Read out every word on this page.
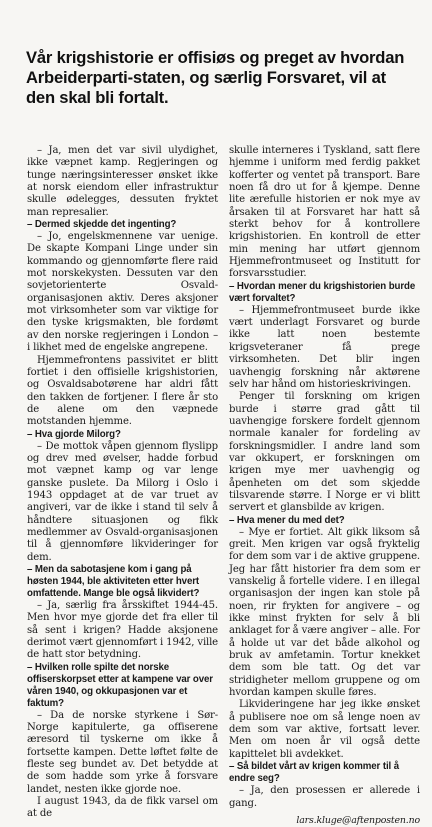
Vår krigshistorie er offisiøs og preget av hvordan Arbeiderparti-staten, og særlig Forsvaret, vil at den skal bli fortalt.

– Ja, men det var sivil ulydighet, ikke væpnet kamp. Regjeringen og tunge næringsinteresser ønsket ikke at norsk eiendom eller infrastruktur skulle ødelegges, dessuten fryktet man represalier.

– Dermed skjedde det ingenting?

– Jo, engelskmennene var uenige. De skapte Kompani Linge under sin kommando og gjennomførte flere raid mot norskekysten. Dessuten var den sovjetorienterte Osvald-organisasjonen aktiv. Deres aksjoner mot virksomheter som var viktige for den tyske krigsmakten, ble fordømt av den norske regjeringen i London – i likhet med de engelske angrepene.

Hjemmefrontens passivitet er blitt fortiet i den offisielle krigshistorien, og Osvaldsabotørene har aldri fått den takken de fortjener. I flere år sto de alene om den væpnede motstanden hjemme.

– Hva gjorde Milorg?

– De mottok våpen gjennom flyslipp og drev med øvelser, hadde forbud mot væpnet kamp og var lenge ganske puslete. Da Milorg i Oslo i 1943 oppdaget at de var truet av angiveri, var de ikke i stand til selv å håndtere situasjonen og fikk medlemmer av Osvald-organisasjonen til å gjennomføre likvideringer for dem.

– Men da sabotasjene kom i gang på høsten 1944, ble aktiviteten etter hvert omfattende. Mange ble også likvidert?

– Ja, særlig fra årsskiftet 1944-45. Men hvor mye gjorde det fra eller til så sent i krigen? Hadde aksjonene derimot vært gjennomført i 1942, ville de hatt stor betydning.

– Hvilken rolle spilte det norske offiserskorpset etter at kampene var over våren 1940, og okkupasjonen var et faktum?

– Da de norske styrkene i Sør-Norge kapitulerte, ga offiserene æresord til tyskerne om ikke å fortsette kampen. Dette løftet følte de fleste seg bundet av. Det betydde at de som hadde som yrke å forsvare landet, nesten ikke gjorde noe.

I august 1943, da de fikk varsel om at de

skulle interneres i Tyskland, satt flere hjemme i uniform med ferdig pakket kofferter og ventet på transport. Bare noen få dro ut for å kjempe. Denne lite ærefulle historien er nok mye av årsaken til at Forsvaret har hatt så sterkt behov for å kontrollere krigshistorien. En kontroll de etter min mening har utført gjennom Hjemmefrontmuseet og Institutt for forsvarsstudier.

– Hvordan mener du krigshistorien burde vært forvaltet?

– Hjemmefrontmuseet burde ikke vært underlagt Forsvaret og burde ikke latt noen bestemte krigsveteraner få prege virksomheten. Det blir ingen uavhengig forskning når aktørene selv har hånd om historieskrivingen.

Penger til forskning om krigen burde i større grad gått til uavhengige forskere fordelt gjennom normale kanaler for fordeling av forskningsmidler. I andre land som var okkupert, er forskningen om krigen mye mer uavhengig og åpenheten om det som skjedde tilsvarende større. I Norge er vi blitt servert et glansbilde av krigen.

– Hva mener du med det?

– Mye er fortiet. Alt gikk liksom så greit. Men krigen var også fryktelig for dem som var i de aktive gruppene. Jeg har fått historier fra dem som er vanskelig å fortelle videre. I en illegal organisasjon der ingen kan stole på noen, rir frykten for angivere – og ikke minst frykten for selv å bli anklaget for å være angiver – alle. For å holde ut var det både alkohol og bruk av amfetamin. Tortur knekket dem som ble tatt. Og det var stridigheter mellom gruppene og om hvordan kampen skulle føres.

Likvideringene har jeg ikke ønsket å publisere noe om så lenge noen av dem som var aktive, fortsatt lever. Men om noen år vil også dette kapittelet bli avdekket.

– Så bildet vårt av krigen kommer til å endre seg?

– Ja, den prosessen er allerede i gang.

lars.kluge@aftenposten.no
